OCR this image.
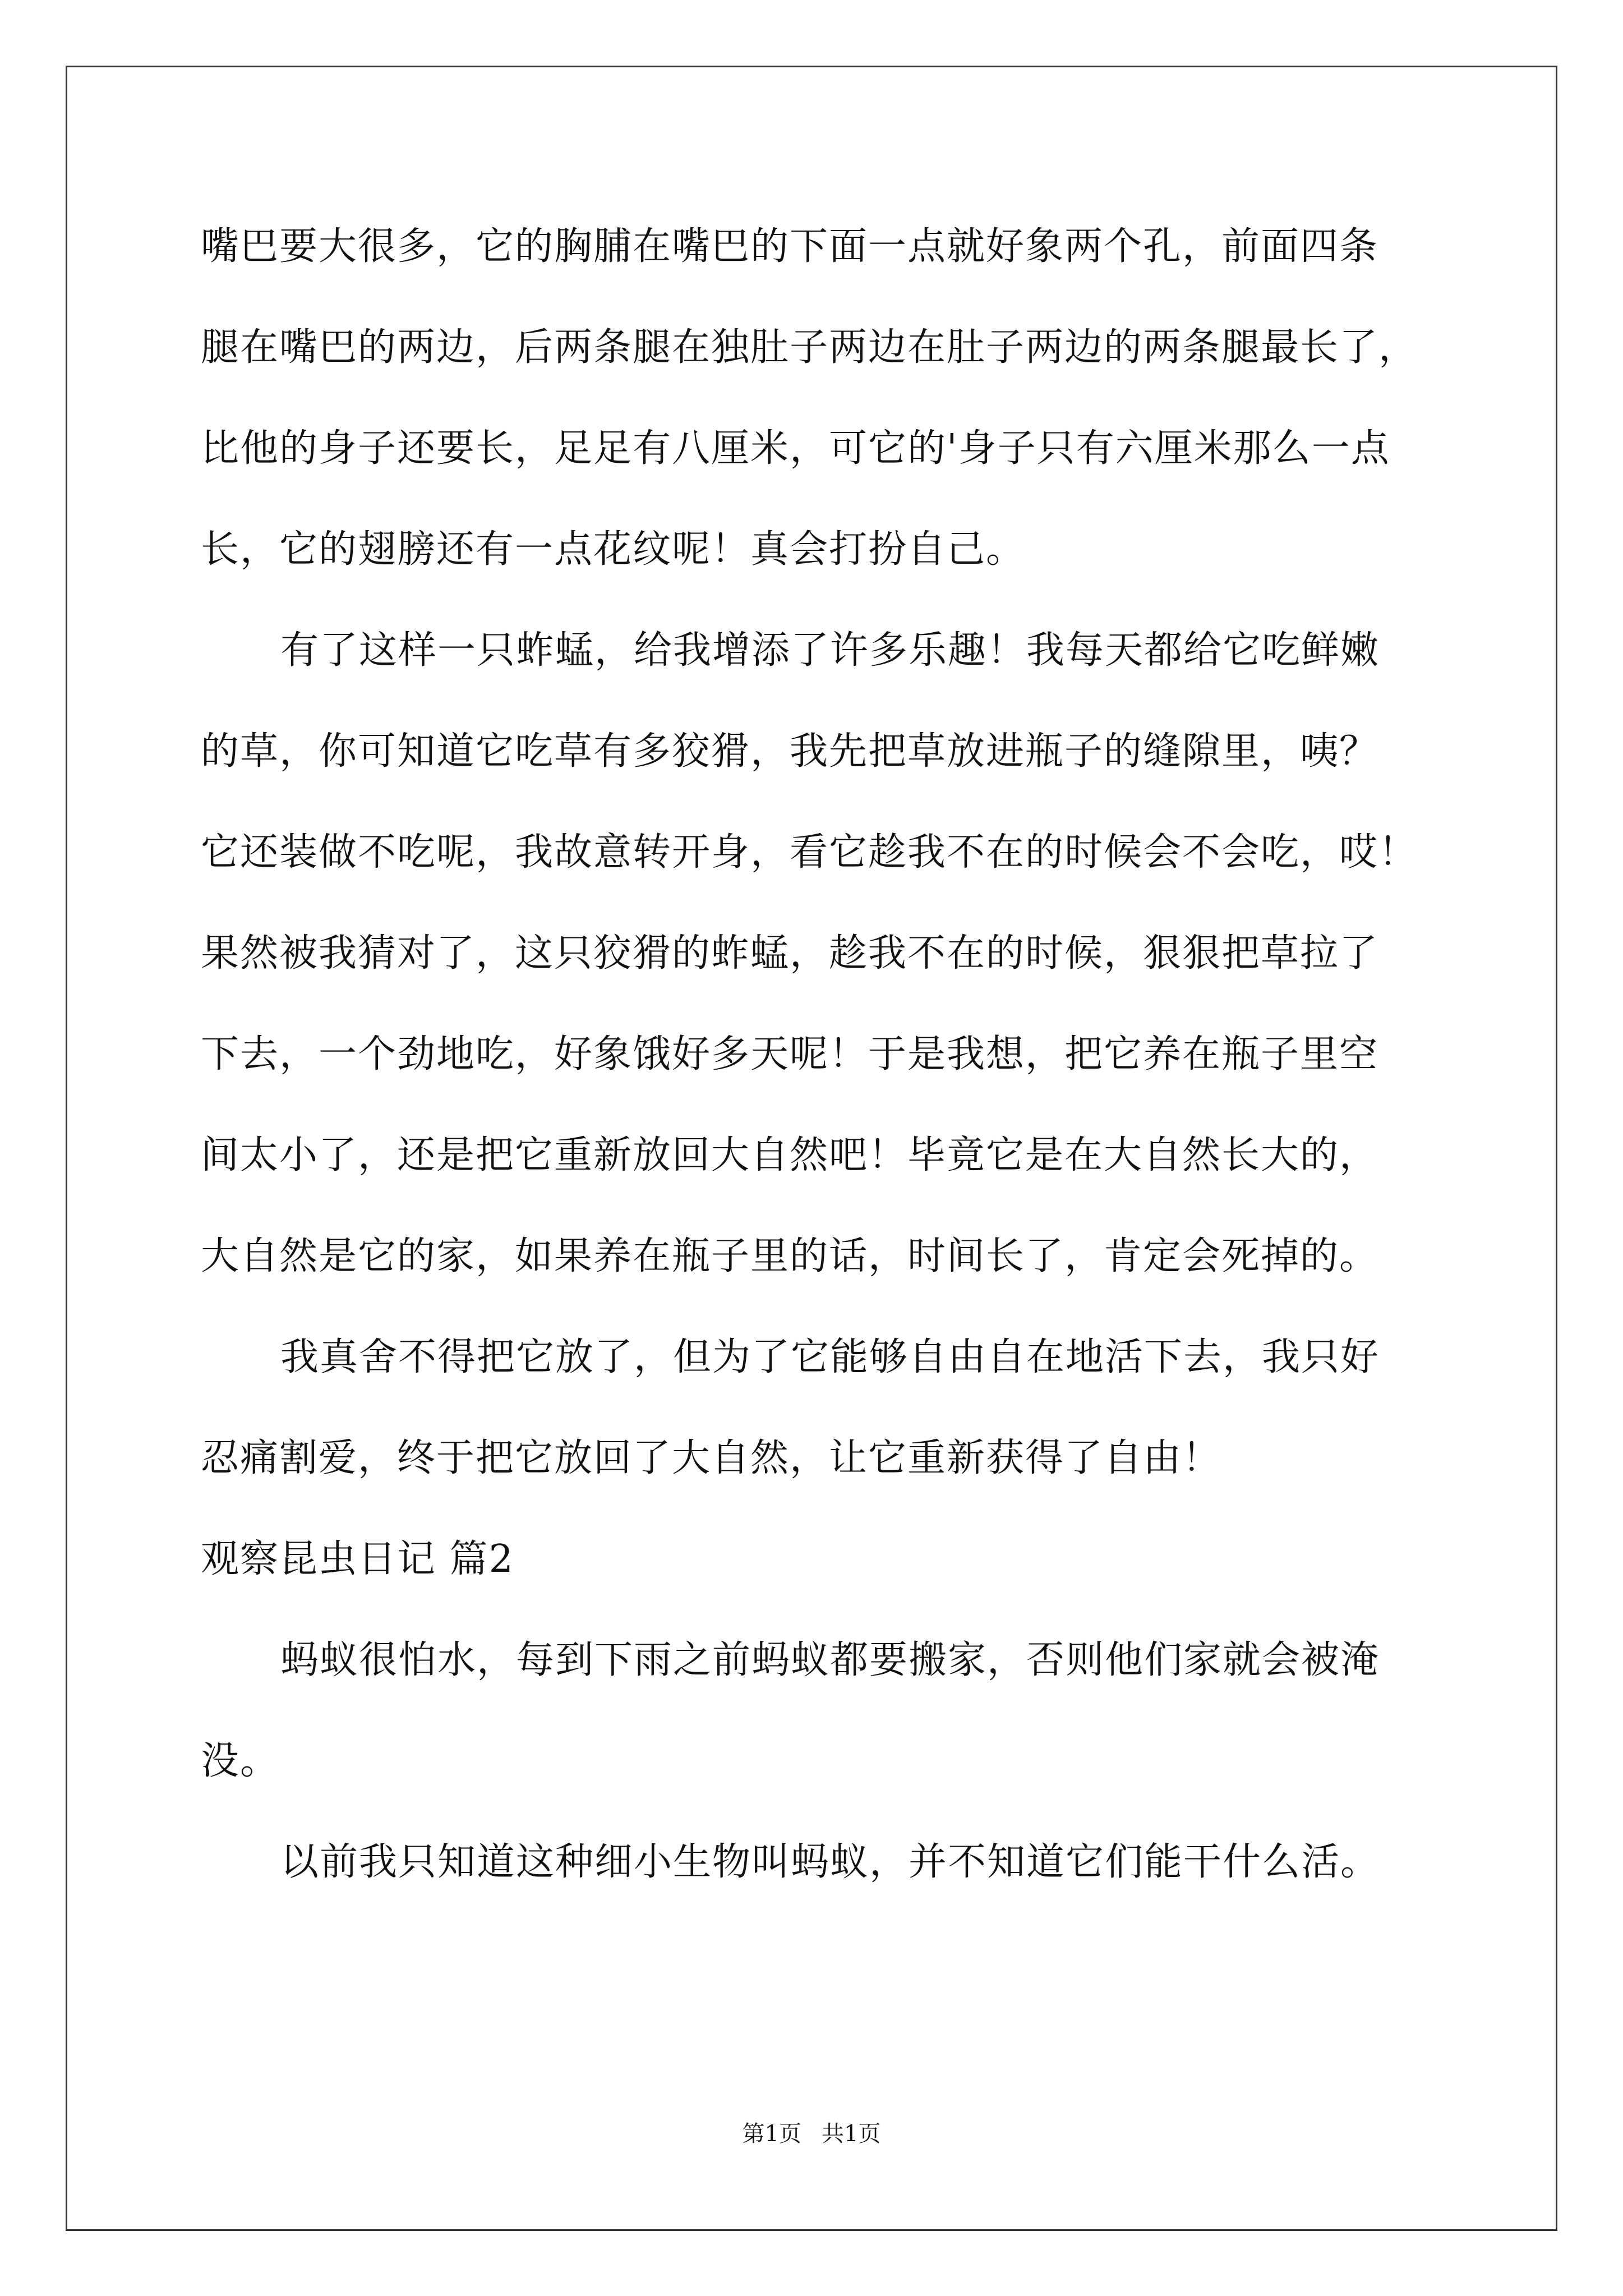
嘴巴要大很多，它的胸脯在嘴巴的下面一点就好象两个孔，前面四条

腿在嘴巴的两边，后两条腿在独肚子两边在肚子两边的两条腿最长了，

比他的身子还要长，足足有八厘米，可它的'身子只有六厘米那么一点

长，它的翅膀还有一点花纹呢！真会打扮自己。

有了这样一只蚱蜢，给我增添了许多乐趣！我每天都给它吃鲜嫩

的草，你可知道它吃草有多狡猾，我先把草放进瓶子的缝隙里，咦？

它还装做不吃呢，我故意转开身，看它趁我不在的时候会不会吃，哎！

果然被我猜对了，这只狡猾的蚱蜢，趁我不在的时候，狠狠把草拉了

下去，一个劲地吃，好象饿好多天呢！于是我想，把它养在瓶子里空

间太小了，还是把它重新放回大自然吧！毕竟它是在大自然长大的，

大自然是它的家，如果养在瓶子里的话，时间长了，肯定会死掉的。

我真舍不得把它放了，但为了它能够自由自在地活下去，我只好

忍痛割爱，终于把它放回了大自然，让它重新获得了自由！

观察昆虫日记 篇2

蚂蚁很怕水，每到下雨之前蚂蚁都要搬家，否则他们家就会被淹

没。

以前我只知道这种细小生物叫蚂蚁，并不知道它们能干什么活。

第1页 共1页
